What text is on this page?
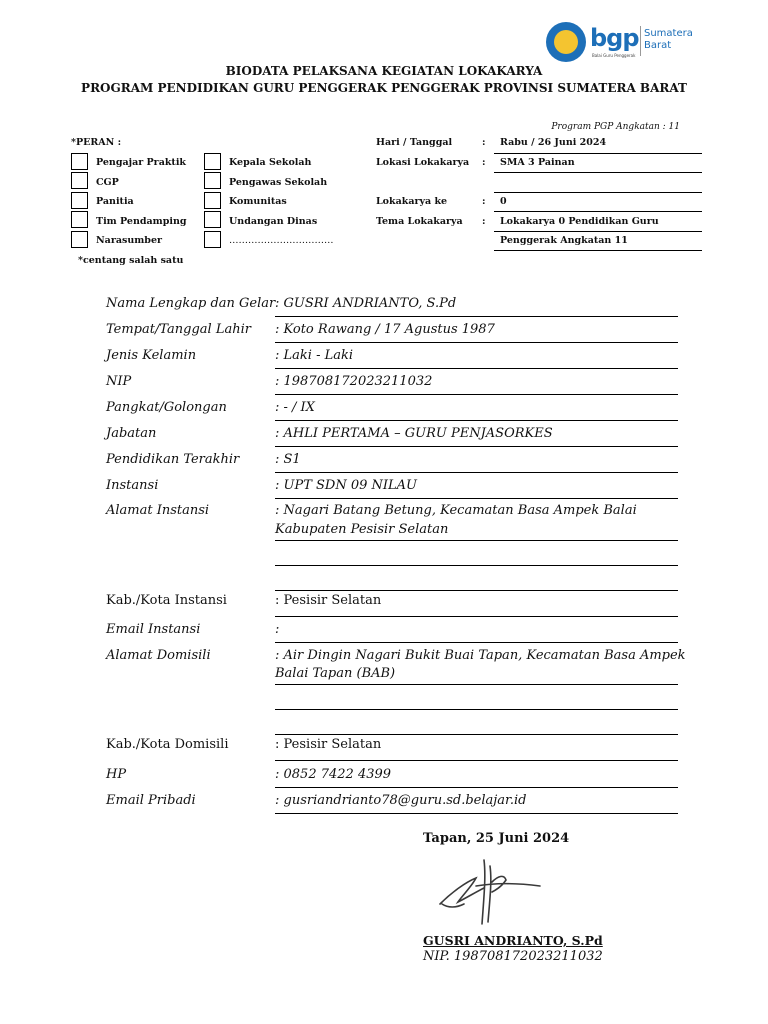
bgp
Balai Guru Penggerak
Sumatera
Barat
BIODATA PELAKSANA KEGIATAN LOKAKARYA
PROGRAM PENDIDIKAN GURU PENGGERAK PENGGERAK PROVINSI SUMATERA BARAT
Program PGP Angkatan : 11
*PERAN :
Pengajar Praktik
CGP
Panitia
Tim Pendamping
Narasumber
Kepala Sekolah
Pengawas Sekolah
Komunitas
Undangan Dinas
……………………………
*centang salah satu
Hari / Tanggal	: Rabu / 26 Juni 2024
Lokasi Lokakarya : SMA 3 Painan
Lokakarya ke	: 0
Tema Lokakarya : Lokakarya 0 Pendidikan Guru
Penggerak Angkatan 11
Nama Lengkap dan Gelar : GUSRI ANDRIANTO, S.Pd
Tempat/Tanggal Lahir : Koto Rawang / 17 Agustus 1987
Jenis Kelamin	: Laki - Laki
NIP	: 198708172023211032
Pangkat/Golongan	: - / IX
Jabatan	: AHLI PERTAMA – GURU PENJASORKES
Pendidikan Terakhir	: S1
Instansi	: UPT SDN 09 NILAU
Alamat Instansi	: Nagari Batang Betung, Kecamatan Basa Ampek Balai
Kabupaten Pesisir Selatan
Kab./Kota Instansi	: Pesisir Selatan
Email Instansi	:
Alamat Domisili	: Air Dingin Nagari Bukit Buai Tapan, Kecamatan Basa Ampek
Balai Tapan (BAB)
Kab./Kota Domisili	: Pesisir Selatan
HP	: 0852 7422 4399
Email Pribadi	: gusriandrianto78@guru.sd.belajar.id
Tapan, 25 Juni 2024
GUSRI ANDRIANTO, S.Pd
NIP. 198708172023211032
